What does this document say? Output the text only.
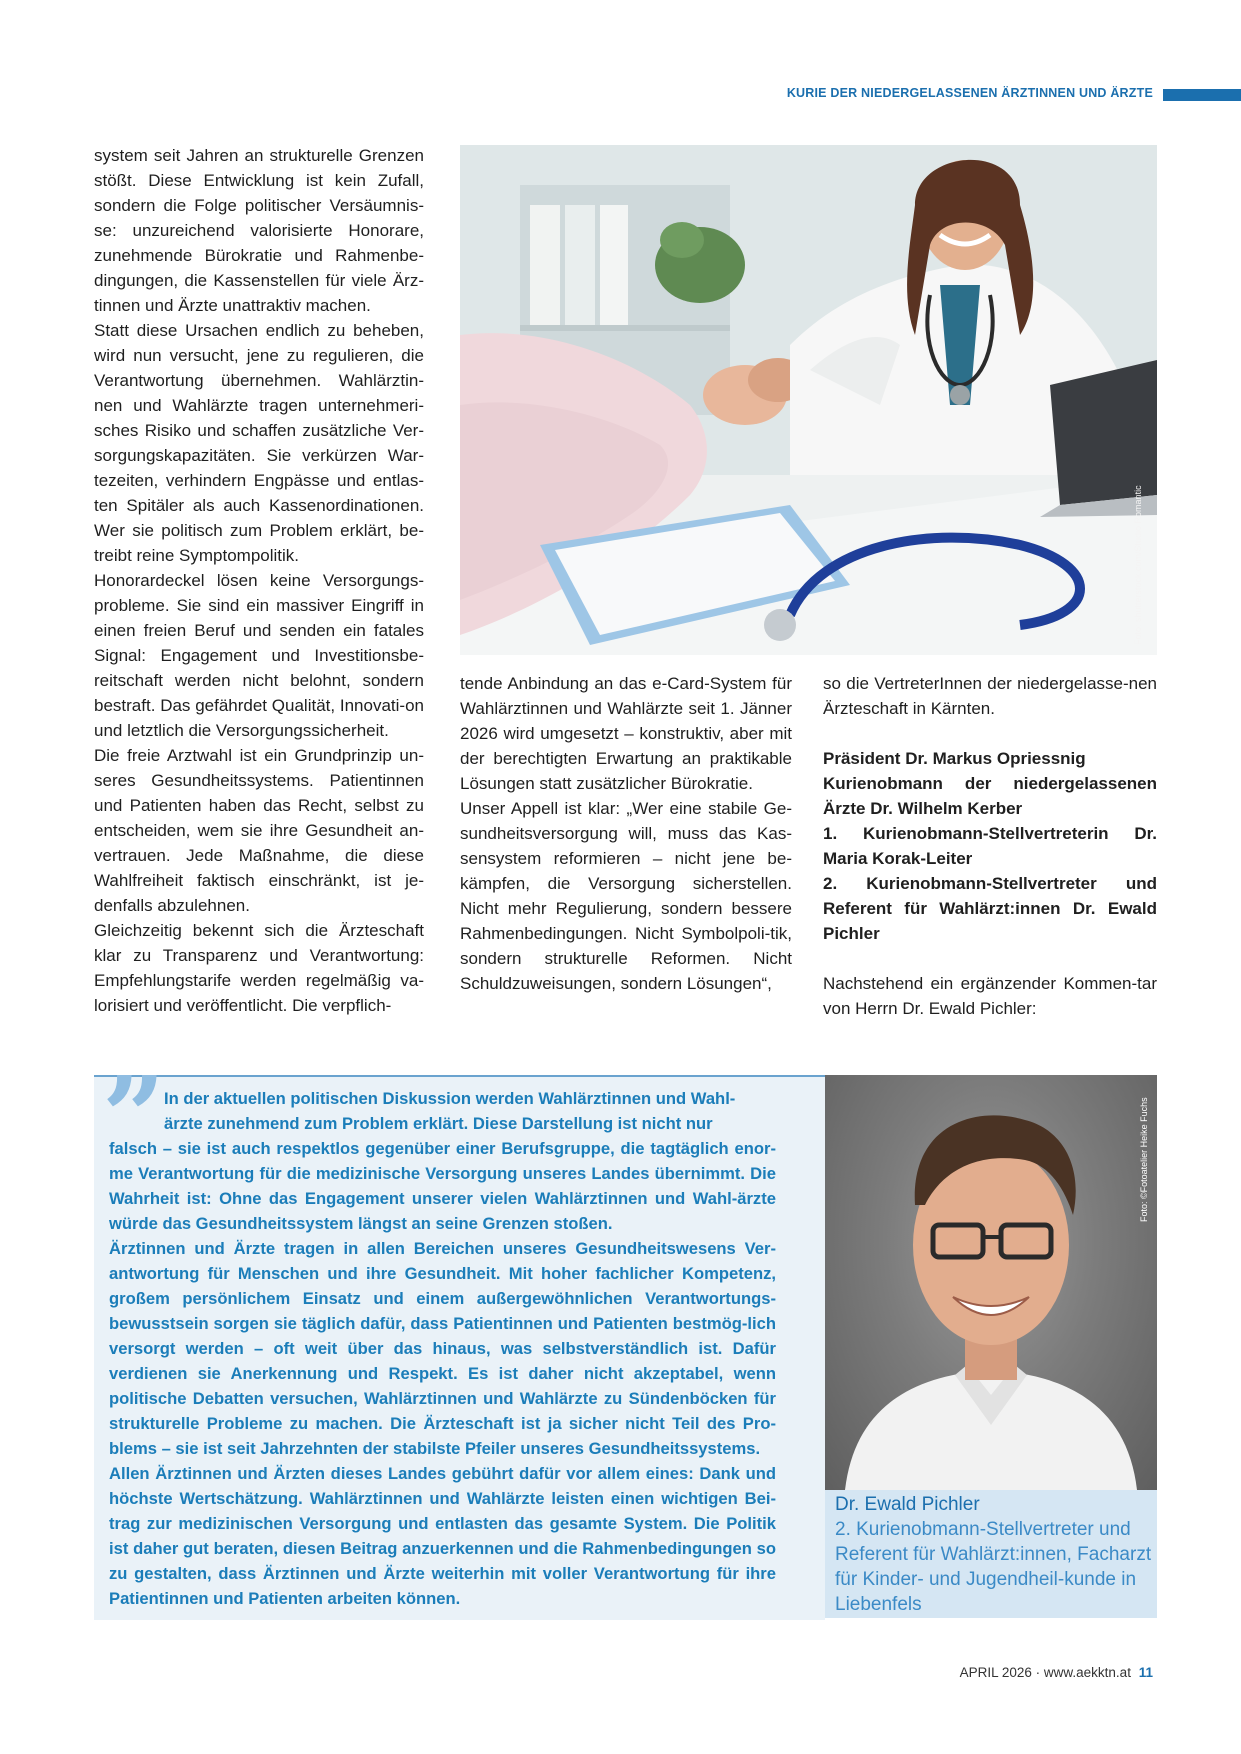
KURIE DER NIEDERGELASSENEN ÄRZTINNEN UND ÄRZTE

system seit Jahren an strukturelle Grenzen stößt. Diese Entwicklung ist kein Zufall, sondern die Folge politischer Versäumnis-se: unzureichend valorisierte Honorare, zunehmende Bürokratie und Rahmenbe-dingungen, die Kassenstellen für viele Ärz-tinnen und Ärzte unattraktiv machen.

Statt diese Ursachen endlich zu beheben, wird nun versucht, jene zu regulieren, die Verantwortung übernehmen. Wahlärztin-nen und Wahlärzte tragen unternehmeri-sches Risiko und schaffen zusätzliche Ver-sorgungskapazitäten. Sie verkürzen War-tezeiten, verhindern Engpässe und entlas-ten Spitäler als auch Kassenordinationen. Wer sie politisch zum Problem erklärt, be-treibt reine Symptompolitik.

Honorardeckel lösen keine Versorgungs-probleme. Sie sind ein massiver Eingriff in einen freien Beruf und senden ein fatales Signal: Engagement und Investitionsbe-reitschaft werden nicht belohnt, sondern bestraft. Das gefährdet Qualität, Innovati-on und letztlich die Versorgungssicherheit.

Die freie Arztwahl ist ein Grundprinzip un-seres Gesundheitssystems. Patientinnen und Patienten haben das Recht, selbst zu entscheiden, wem sie ihre Gesundheit an-vertrauen. Jede Maßnahme, die diese Wahlfreiheit faktisch einschränkt, ist je-denfalls abzulehnen.

Gleichzeitig bekennt sich die Ärzteschaft klar zu Transparenz und Verantwortung: Empfehlungstarife werden regelmäßig va-lorisiert und veröffentlicht. Die verpflich-

Foto: shutterstock.com/Studio Romantic

tende Anbindung an das e-Card-System für Wahlärztinnen und Wahlärzte seit 1. Jänner 2026 wird umgesetzt – konstruktiv, aber mit der berechtigten Erwartung an praktikable Lösungen statt zusätzlicher Bürokratie.

Unser Appell ist klar: „Wer eine stabile Ge-sundheitsversorgung will, muss das Kas-sensystem reformieren – nicht jene be-kämpfen, die Versorgung sicherstellen. Nicht mehr Regulierung, sondern bessere Rahmenbedingungen. Nicht Symbolpoli-tik, sondern strukturelle Reformen. Nicht Schuldzuweisungen, sondern Lösungen“,

so die VertreterInnen der niedergelasse-nen Ärzteschaft in Kärnten.

Präsident Dr. Markus Opriessnig

Kurienobmann der niedergelassenen Ärzte Dr. Wilhelm Kerber

1. Kurienobmann-Stellvertreterin Dr. Maria Korak-Leiter

2. Kurienobmann-Stellvertreter und Referent für Wahlärzt:innen Dr. Ewald Pichler

Nachstehend ein ergänzender Kommen-tar von Herrn Dr. Ewald Pichler:

”

In der aktuellen politischen Diskussion werden Wahlärztinnen und Wahl-

ärzte zunehmend zum Problem erklärt. Diese Darstellung ist nicht nur

falsch – sie ist auch respektlos gegenüber einer Berufsgruppe, die tagtäglich enor-me Verantwortung für die medizinische Versorgung unseres Landes übernimmt. Die Wahrheit ist: Ohne das Engagement unserer vielen Wahlärztinnen und Wahl-ärzte würde das Gesundheitssystem längst an seine Grenzen stoßen.

Ärztinnen und Ärzte tragen in allen Bereichen unseres Gesundheitswesens Ver-antwortung für Menschen und ihre Gesundheit. Mit hoher fachlicher Kompetenz, großem persönlichem Einsatz und einem außergewöhnlichen Verantwortungs-bewusstsein sorgen sie täglich dafür, dass Patientinnen und Patienten bestmög-lich versorgt werden – oft weit über das hinaus, was selbstverständlich ist. Dafür verdienen sie Anerkennung und Respekt. Es ist daher nicht akzeptabel, wenn politische Debatten versuchen, Wahlärztinnen und Wahlärzte zu Sündenböcken für strukturelle Probleme zu machen. Die Ärzteschaft ist ja sicher nicht Teil des Pro-blems – sie ist seit Jahrzehnten der stabilste Pfeiler unseres Gesundheitssystems.

Allen Ärztinnen und Ärzten dieses Landes gebührt dafür vor allem eines: Dank und höchste Wertschätzung. Wahlärztinnen und Wahlärzte leisten einen wichtigen Bei-trag zur medizinischen Versorgung und entlasten das gesamte System. Die Politik ist daher gut beraten, diesen Beitrag anzuerkennen und die Rahmenbedingungen so zu gestalten, dass Ärztinnen und Ärzte weiterhin mit voller Verantwortung für ihre Patientinnen und Patienten arbeiten können.

Foto: ©Fotoatelier Heike Fuchs
Dr. Ewald Pichler
2. Kurienobmann-Stellvertreter und Referent für Wahlärzt:innen, Facharzt für Kinder- und Jugendheil-kunde in Liebenfels
APRIL 2026 · www.aekktn.at 11
